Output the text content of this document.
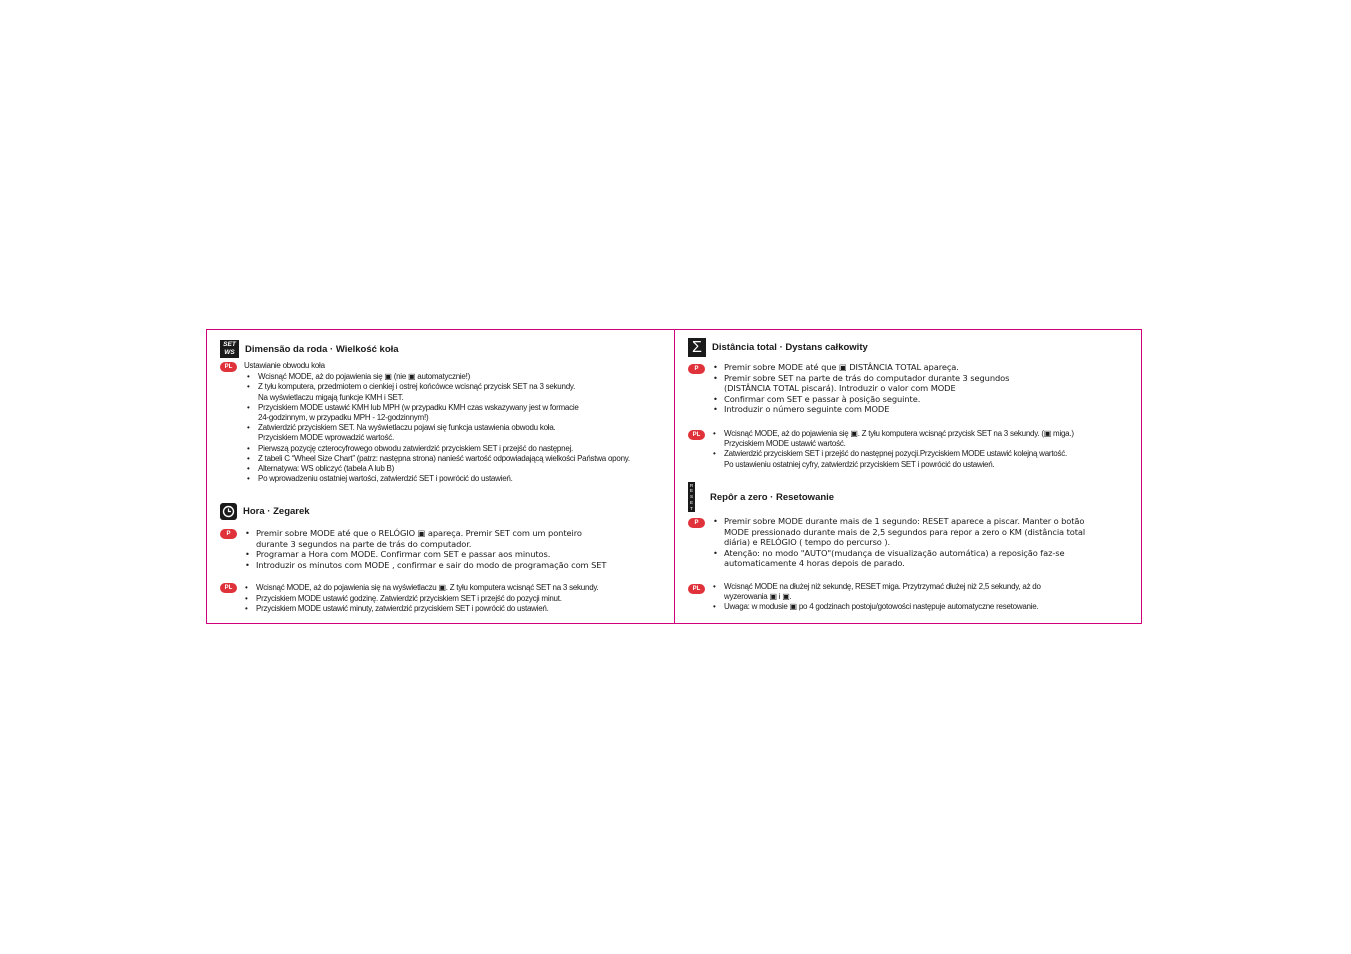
SET
WS Dimensão da roda · Wielkość koła
PL	Ustawianie obwodu koła
• Wcisnąć MODE, aż do pojawienia się ▣ (nie ▣ automatycznie!)
• Z tyłu komputera, przedmiotem o cienkiej i ostrej końcówce wcisnąć przycisk SET na 3 sekundy.
Na wyświetlaczu migają funkcje KMH i SET.
• Przyciskiem MODE ustawić KMH lub MPH (w przypadku KMH czas wskazywany jest w formacie
24-godzinnym, w przypadku MPH - 12-godzinnym!)
• Zatwierdzić przyciskiem SET. Na wyświetlaczu pojawi się funkcja ustawienia obwodu koła.
Przyciskiem MODE wprowadzić wartość.
• Pierwszą pozycję czterocyfrowego obwodu zatwierdzić przyciskiem SET i przejść do następnej.
• Z tabeli C “Wheel Size Chart” (patrz: następna strona) nanieść wartość odpowiadającą wielkości Państwa opony.
• Alternatywa: WS obliczyć (tabela A lub B)
• Po wprowadzeniu ostatniej wartości, zatwierdzić SET i powrócić do ustawień.
Hora · Zegarek
P	• Premir sobre MODE até que o RELÓGIO ▣ apareça. Premir SET com um ponteiro
durante 3 segundos na parte de trás do computador.
• Programar a Hora com MODE. Confirmar com SET e passar aos minutos.
• Introduzir os minutos com MODE , confirmar e sair do modo de programação com SET
PL	• Wcisnąć MODE, aż do pojawienia się na wyświetlaczu ▣. Z tyłu komputera wcisnąć SET na 3 sekundy.
• Przyciskiem MODE ustawić godzinę. Zatwierdzić przyciskiem SET i przejść do pozycji minut.
• Przyciskiem MODE ustawić minuty, zatwierdzić przyciskiem SET i powrócić do ustawień.
Σ	Distância total · Dystans całkowity
P	• Premir sobre MODE até que ▣ DISTÂNCIA TOTAL apareça.
• Premir sobre SET na parte de trás do computador durante 3 segundos
(DISTÂNCIA TOTAL piscará). Introduzir o valor com MODE
• Confirmar com SET e passar à posição seguinte.
• Introduzir o número seguinte com MODE
PL	• Wcisnąć MODE, aż do pojawienia się ▣. Z tyłu komputera wcisnąć przycisk SET na 3 sekundy. (▣ miga.)
Przyciskiem MODE ustawić wartość.
• Zatwierdzić przyciskiem SET i przejść do następnej pozycji.Przyciskiem MODE ustawić kolejną wartość.
Po ustawieniu ostatniej cyfry, zatwierdzić przyciskiem SET i powrócić do ustawień.
R
E
S
E
T
Repôr a zero · Resetowanie
P	• Premir sobre MODE durante mais de 1 segundo: RESET aparece a piscar. Manter o botão
MODE pressionado durante mais de 2,5 segundos para repor a zero o KM (distância total
diária) e RELÓGIO ( tempo do percurso ).
• Atenção: no modo "AUTO"(mudança de visualização automática) a reposição faz-se
automaticamente 4 horas depois de parado.
PL	• Wcisnąć MODE na dłużej niż sekundę, RESET miga. Przytrzymać dłużej niż 2,5 sekundy, aż do
wyzerowania ▣ i ▣.
• Uwaga: w modusie ▣ po 4 godzinach postoju/gotowości następuje automatyczne resetowanie.
